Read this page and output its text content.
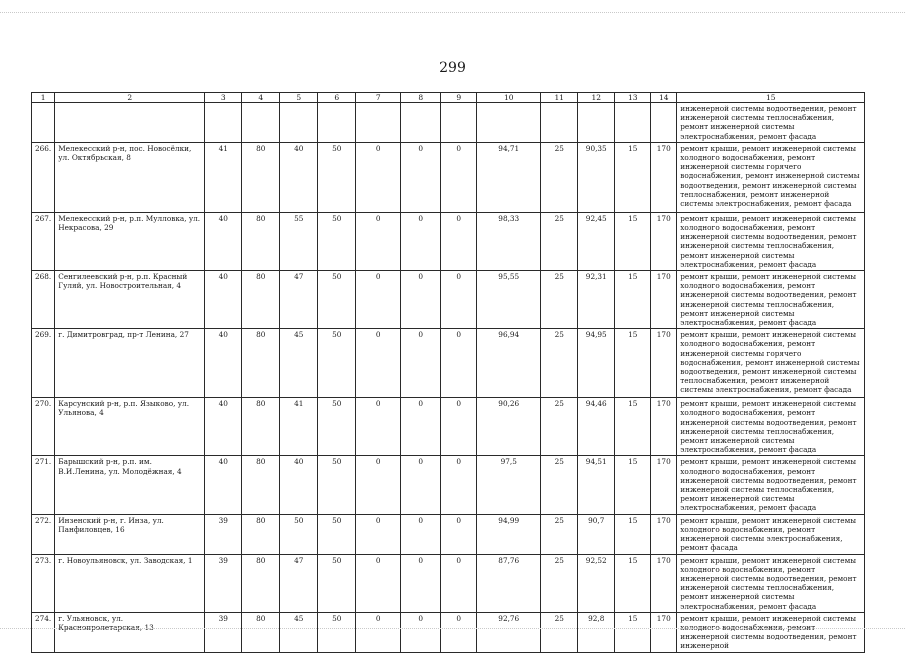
299
1	2	3	4	5	6	7	8	9	10	11	12	13	14	15
														инженерной системы водоотведения, ремонт инженерной системы теплоснабжения, ремонт инженерной системы электроснабжения, ремонт фасада
266.	Мелекесский р-н, пос. Новосёлки, ул. Октябрьская, 8	41	80	40	50	0	0	0	94,71	25	90,35	15	170	ремонт крыши, ремонт инженерной системы холодного водоснабжения, ремонт инженерной системы горячего водоснабжения, ремонт инженерной системы водоотведения, ремонт инженерной системы теплоснабжения, ремонт инженерной системы электроснабжения, ремонт фасада
267.	Мелекесский р-н, р.п. Мулловка, ул. Некрасова, 29	40	80	55	50	0	0	0	98,33	25	92,45	15	170	ремонт крыши, ремонт инженерной системы холодного водоснабжения, ремонт инженерной системы водоотведения, ремонт инженерной системы теплоснабжения, ремонт инженерной системы электроснабжения, ремонт фасада
268.	Сенгилеевский р-н, р.п. Красный Гуляй, ул. Новостроительная, 4	40	80	47	50	0	0	0	95,55	25	92,31	15	170	ремонт крыши, ремонт инженерной системы холодного водоснабжения, ремонт инженерной системы водоотведения, ремонт инженерной системы теплоснабжения, ремонт инженерной системы электроснабжения, ремонт фасада
269.	г. Димитровград, пр-т Ленина, 27	40	80	45	50	0	0	0	96,94	25	94,95	15	170	ремонт крыши, ремонт инженерной системы холодного водоснабжения, ремонт инженерной системы горячего водоснабжения, ремонт инженерной системы водоотведения, ремонт инженерной системы теплоснабжения, ремонт инженерной системы электроснабжения, ремонт фасада
270.	Карсунский р-н, р.п. Языково, ул. Ульянова, 4	40	80	41	50	0	0	0	90,26	25	94,46	15	170	ремонт крыши, ремонт инженерной системы холодного водоснабжения, ремонт инженерной системы водоотведения, ремонт инженерной системы теплоснабжения, ремонт инженерной системы электроснабжения, ремонт фасада
271.	Барышский р-н, р.п. им. В.И.Ленина, ул. Молодёжная, 4	40	80	40	50	0	0	0	97,5	25	94,51	15	170	ремонт крыши, ремонт инженерной системы холодного водоснабжения, ремонт инженерной системы водоотведения, ремонт инженерной системы теплоснабжения, ремонт инженерной системы электроснабжения, ремонт фасада
272.	Инзенский р-н, г. Инза, ул. Панфиловцев, 16	39	80	50	50	0	0	0	94,99	25	90,7	15	170	ремонт крыши, ремонт инженерной системы холодного водоснабжения, ремонт инженерной системы электроснабжения, ремонт фасада
273.	г. Новоульяновск, ул. Заводская, 1	39	80	47	50	0	0	0	87,76	25	92,52	15	170	ремонт крыши, ремонт инженерной системы холодного водоснабжения, ремонт инженерной системы водоотведения, ремонт инженерной системы теплоснабжения, ремонт инженерной системы электроснабжения, ремонт фасада
274.	г. Ульяновск, ул. Краснопролетарская, 13	39	80	45	50	0	0	0	92,76	25	92,8	15	170	ремонт крыши, ремонт инженерной системы холодного водоснабжения, ремонт инженерной системы водоотведения, ремонт инженерной
